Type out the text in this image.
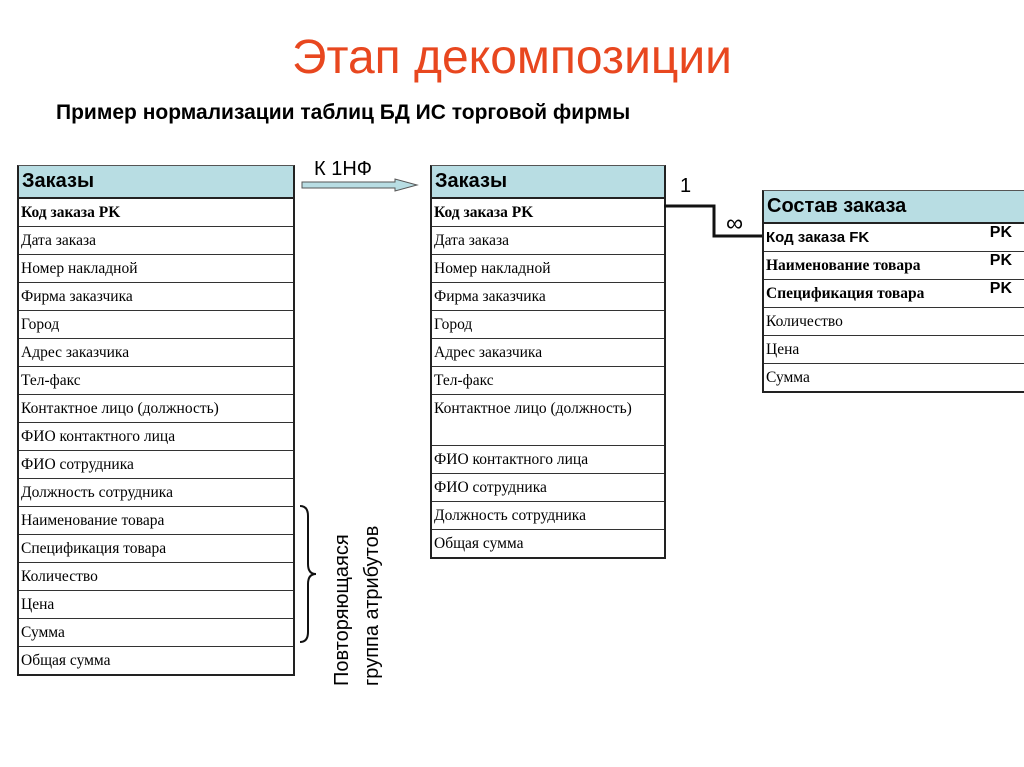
Этап декомпозиции
Пример нормализации таблиц БД ИС торговой фирмы
Заказы
Код заказа PK
Дата заказа
Номер накладной
Фирма заказчика
Город
Адрес заказчика
Тел-факс
Контактное лицо (должность)
ФИО контактного лица
ФИО сотрудника
Должность сотрудника
Наименование товара
Спецификация товара
Количество
Цена
Сумма
Общая сумма
К 1НФ
Заказы
Код заказа PK
Дата заказа
Номер накладной
Фирма заказчика
Город
Адрес заказчика
Тел-факс
Контактное лицо (должность)
ФИО контактного лица
ФИО сотрудника
Должность сотрудника
Общая сумма
1
∞
Состав заказа
Код заказа FK	PK
Наименование товара	PK
Спецификация товара	PK
Количество
Цена
Сумма
Повторяющаяся группа атрибутов
